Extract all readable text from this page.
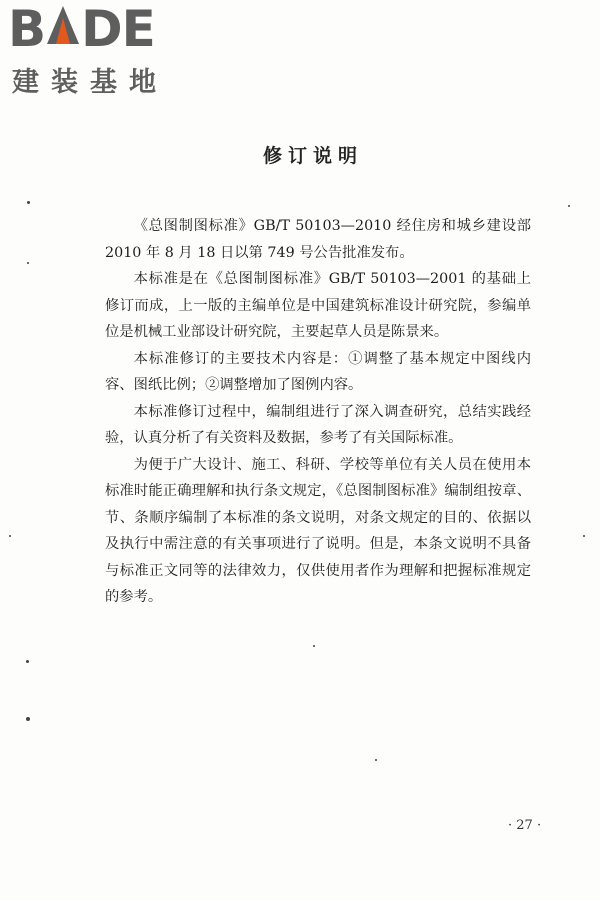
B DE
建装基地
修订说明

《总图制图标准》GB/T 50103—2010 经住房和城乡建设部 2010 年 8 月 18 日以第 749 号公告批准发布。

本标准是在《总图制图标准》GB/T 50103—2001 的基础上修订而成，上一版的主编单位是中国建筑标准设计研究院，参编单位是机械工业部设计研究院，主要起草人员是陈景来。

本标准修订的主要技术内容是：①调整了基本规定中图线内容、图纸比例；②调整增加了图例内容。

本标准修订过程中，编制组进行了深入调查研究，总结实践经验，认真分析了有关资料及数据，参考了有关国际标准。

为便于广大设计、施工、科研、学校等单位有关人员在使用本标准时能正确理解和执行条文规定，《总图制图标准》编制组按章、节、条顺序编制了本标准的条文说明，对条文规定的目的、依据以及执行中需注意的有关事项进行了说明。但是，本条文说明不具备与标准正文同等的法律效力，仅供使用者作为理解和把握标准规定的参考。

· 27 ·
